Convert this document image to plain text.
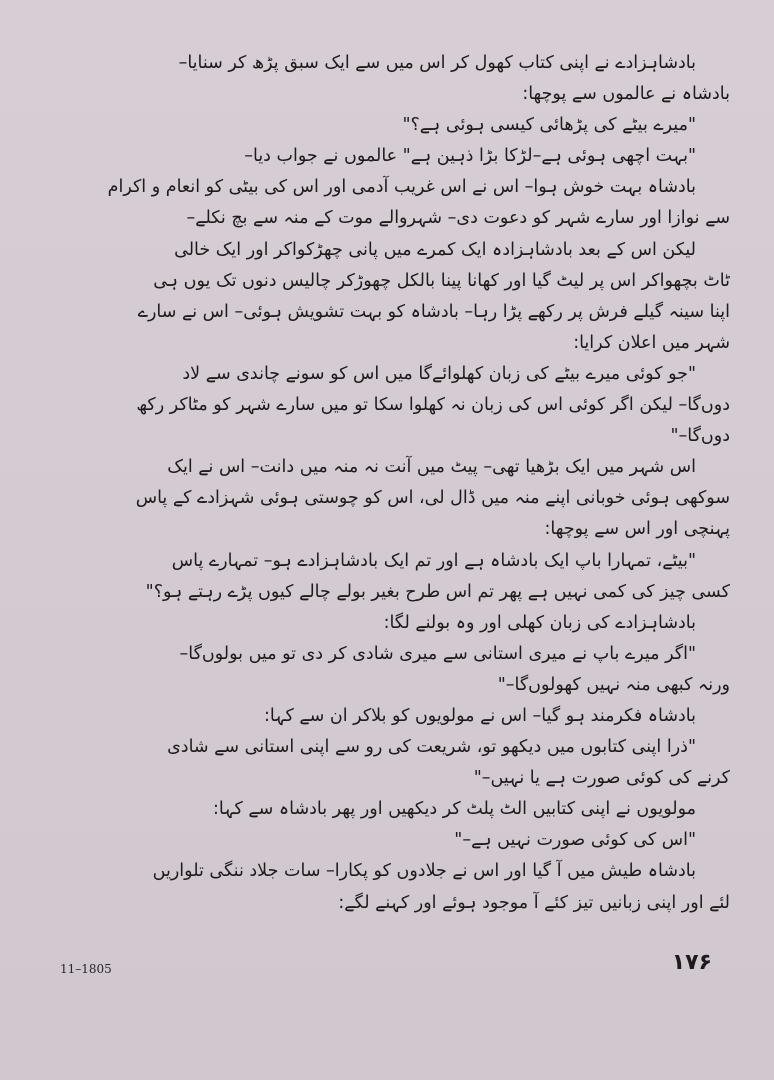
بادشاہزادے نے اپنی کتاب کھول کر اس میں سے ایک سبق پڑھ کر سنایا–
بادشاہ نے عالموں سے پوچھا:
"میرے بیٹے کی پڑھائی کیسی ہوئی ہے؟"
"بہت اچھی ہوئی ہے–لڑکا بڑا ذہین ہے" عالموں نے جواب دیا–
بادشاہ بہت خوش ہوا– اس نے اس غریب آدمی اور اس کی بیٹی کو انعام و اکرام
سے نوازا اور سارے شہر کو دعوت دی– شہروالے موت کے منہ سے بچ نکلے–
لیکن اس کے بعد بادشاہزادہ ایک کمرے میں پانی چھڑکواکر اور ایک خالی
ٹاٹ بچھواکر اس پر لیٹ گیا اور کھانا پینا بالکل چھوڑکر چالیس دنوں تک یوں ہی
اپنا سینہ گیلے فرش پر رکھے پڑا رہا– بادشاہ کو بہت تشویش ہوئی– اس نے سارے
شہر میں اعلان کرایا:
"جو کوئی میرے بیٹے کی زبان کھلوائےگا میں اس کو سونے چاندی سے لاد
دوں‌گا– لیکن اگر کوئی اس کی زبان نہ کھلوا سکا تو میں سارے شہر کو مٹاکر رکھ
دوں‌گا–"
اس شہر میں ایک بڑھیا تھی– پیٹ میں آنت نہ منہ میں دانت– اس نے ایک
سوکھی ہوئی خوبانی اپنے منہ میں ڈال لی، اس کو چوستی ہوئی شہزادے کے پاس
پہنچی اور اس سے پوچھا:
"بیٹے، تمہارا باپ ایک بادشاہ ہے اور تم ایک بادشاہزادے ہو– تمہارے پاس
کسی چیز کی کمی نہیں ہے پھر تم اس طرح بغیر بولے چالے کیوں پڑے رہتے ہو؟"
بادشاہزادے کی زبان کھلی اور وہ بولنے لگا:
"اگر میرے باپ نے میری استانی سے میری شادی کر دی تو میں بولوں‌گا–
ورنہ کبھی منہ نہیں کھولوں‌گا–"
بادشاہ فکرمند ہو گیا– اس نے مولویوں کو بلاکر ان سے کہا:
"ذرا اپنی کتابوں میں دیکھو تو، شریعت کی رو سے اپنی استانی سے شادی
کرنے کی کوئی صورت ہے یا نہیں–"
مولویوں نے اپنی کتابیں الٹ پلٹ کر دیکھیں اور پھر بادشاہ سے کہا:
"اس کی کوئی صورت نہیں ہے–"
بادشاہ طیش میں آ گیا اور اس نے جلادوں کو پکارا– سات جلاد ننگی تلواریں
لئے اور اپنی زبانیں تیز کئے آ موجود ہوئے اور کہنے لگے:
11–1805	۱۷۶
